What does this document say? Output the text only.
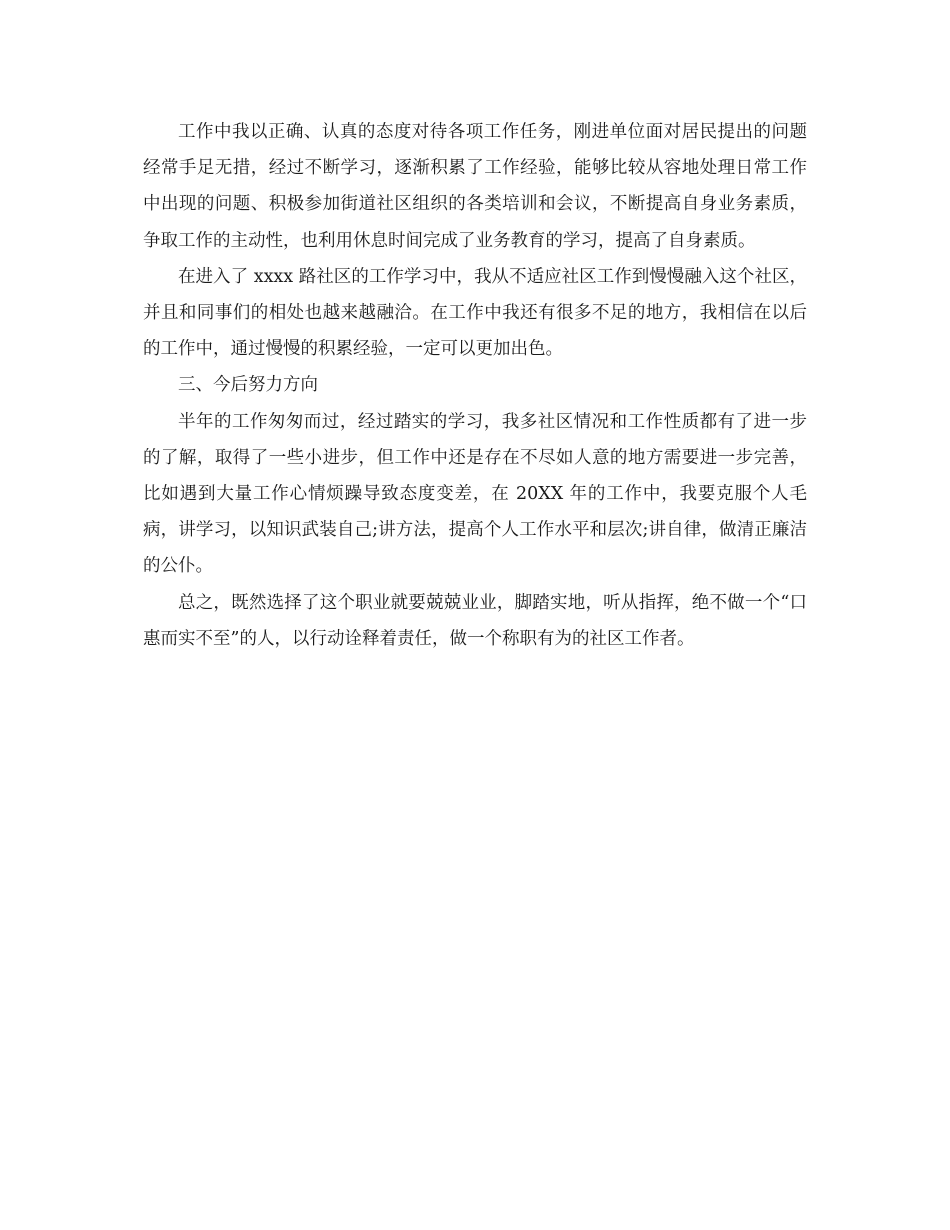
工作中我以正确、认真的态度对待各项工作任务，刚进单位面对居民提出的问题经常手足无措，经过不断学习，逐渐积累了工作经验，能够比较从容地处理日常工作中出现的问题、积极参加街道社区组织的各类培训和会议，不断提高自身业务素质，争取工作的主动性，也利用休息时间完成了业务教育的学习，提高了自身素质。

在进入了 xxxx 路社区的工作学习中，我从不适应社区工作到慢慢融入这个社区，并且和同事们的相处也越来越融洽。在工作中我还有很多不足的地方，我相信在以后的工作中，通过慢慢的积累经验，一定可以更加出色。

三、今后努力方向

半年的工作匆匆而过，经过踏实的学习，我多社区情况和工作性质都有了进一步的了解，取得了一些小进步，但工作中还是存在不尽如人意的地方需要进一步完善，比如遇到大量工作心情烦躁导致态度变差，在 20XX 年的工作中，我要克服个人毛病，讲学习，以知识武装自己;讲方法，提高个人工作水平和层次;讲自律，做清正廉洁的公仆。

总之，既然选择了这个职业就要兢兢业业，脚踏实地，听从指挥，绝不做一个“口惠而实不至”的人，以行动诠释着责任，做一个称职有为的社区工作者。
